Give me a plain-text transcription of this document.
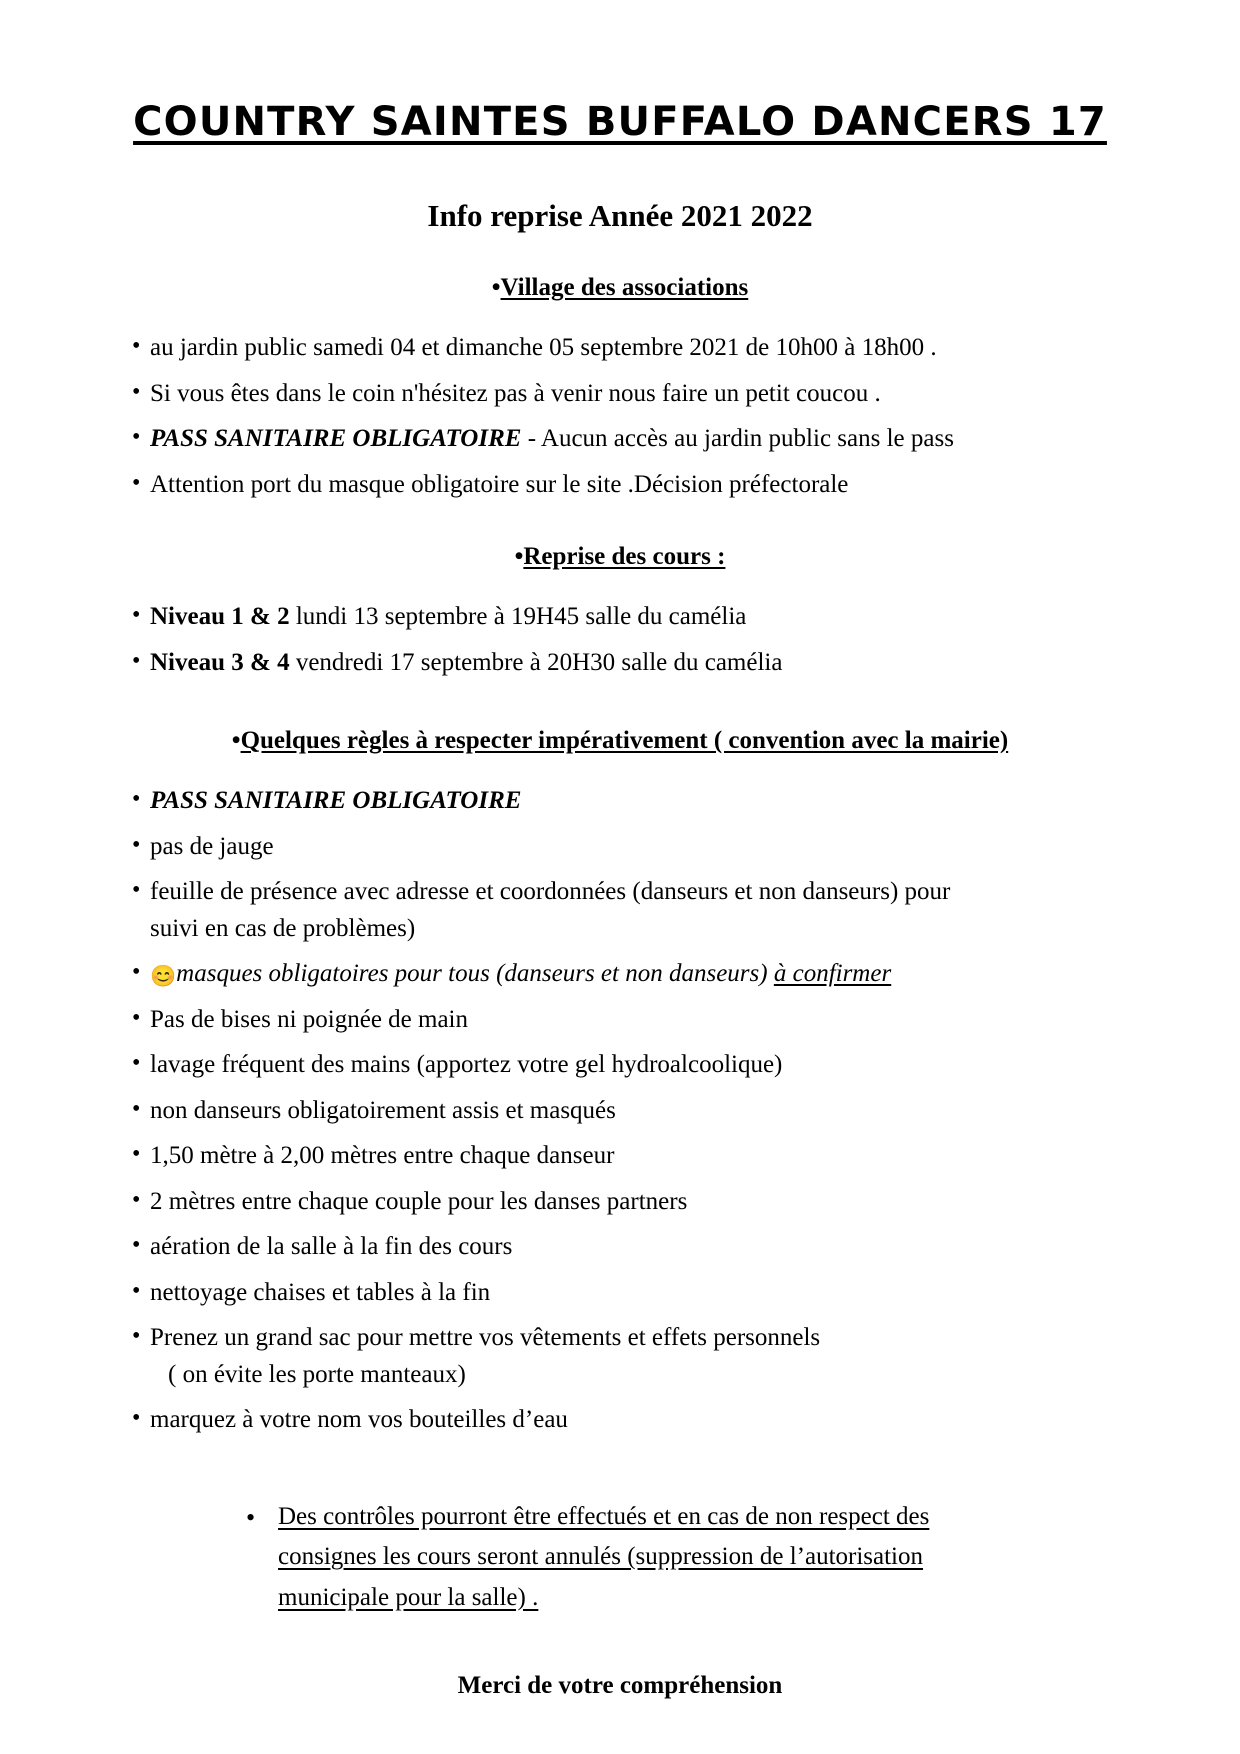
COUNTRY SAINTES BUFFALO DANCERS 17
Info reprise Année 2021 2022
•Village des associations
• au jardin public samedi 04 et dimanche 05 septembre 2021 de 10h00 à 18h00 .
• Si vous êtes dans le coin n'hésitez pas à venir nous faire un petit coucou .
• PASS SANITAIRE OBLIGATOIRE - Aucun accès au jardin public sans le pass
• Attention port du masque obligatoire sur le site .Décision préfectorale
•Reprise des cours :
• Niveau 1 & 2 lundi 13 septembre à 19H45 salle du camélia
• Niveau 3 & 4 vendredi 17 septembre à 20H30 salle du camélia
•Quelques règles à respecter impérativement ( convention avec la mairie)
• PASS SANITAIRE OBLIGATOIRE
• pas de jauge
• feuille de présence avec adresse et coordonnées (danseurs et non danseurs) pour
suivi en cas de problèmes)
• 😊masques obligatoires pour tous (danseurs et non danseurs) à confirmer
• Pas de bises ni poignée de main
• lavage fréquent des mains (apportez votre gel hydroalcoolique)
• non danseurs obligatoirement assis et masqués
• 1,50 mètre à 2,00 mètres entre chaque danseur
• 2 mètres entre chaque couple pour les danses partners
• aération de la salle à la fin des cours
• nettoyage chaises et tables à la fin
• Prenez un grand sac pour mettre vos vêtements et effets personnels
( on évite les porte manteaux)
• marquez à votre nom vos bouteilles d’eau
• Des contrôles pourront être effectués et en cas de non respect des
consignes les cours seront annulés (suppression de l’autorisation
municipale pour la salle) .
Merci de votre compréhension
